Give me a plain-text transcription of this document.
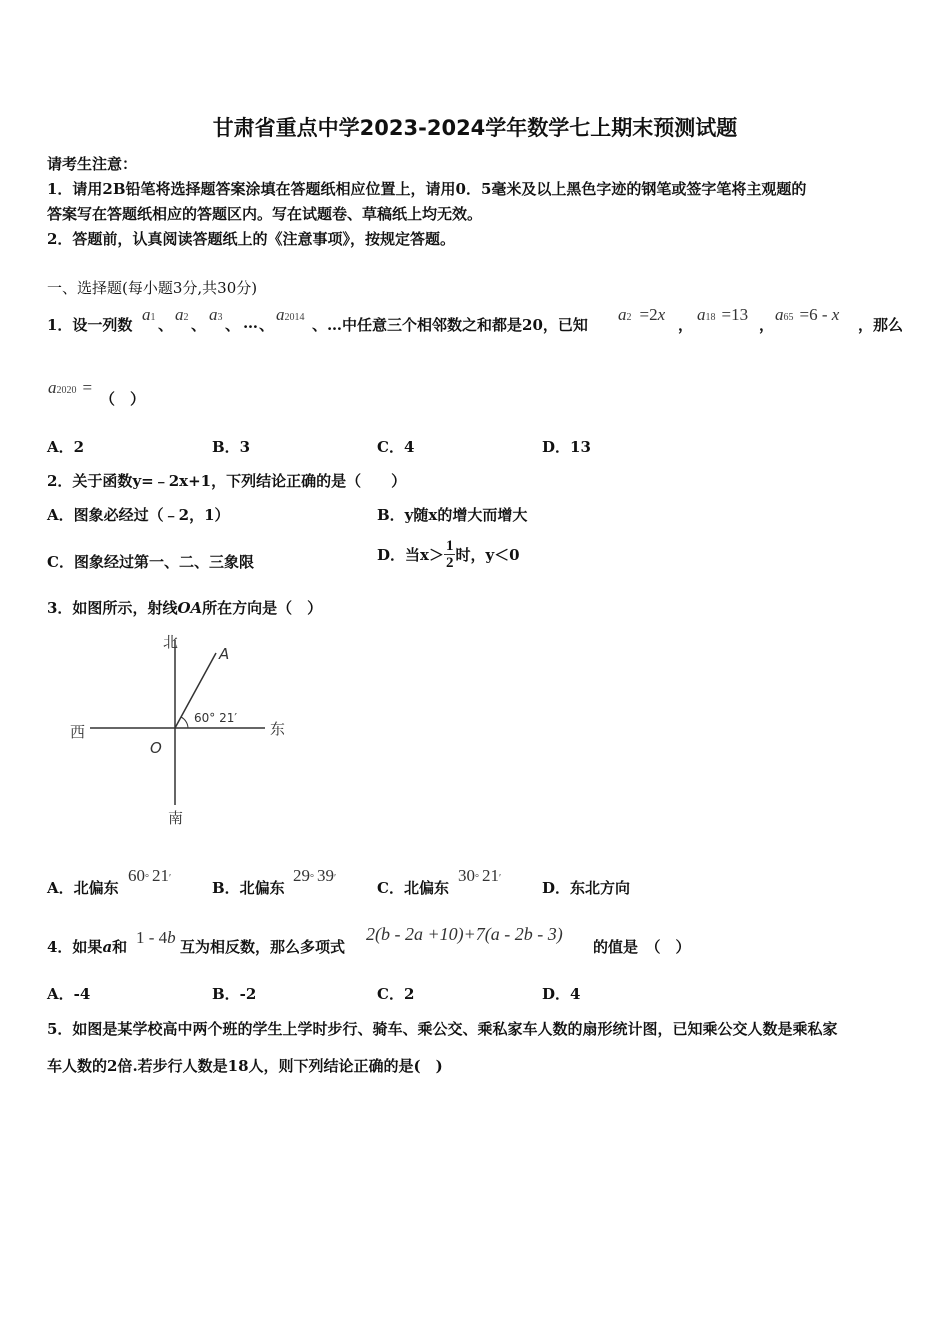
甘肃省重点中学2023-2024学年数学七上期末预测试题
请考生注意：
1．请用2B铅笔将选择题答案涂填在答题纸相应位置上，请用0．5毫米及以上黑色字迹的钢笔或签字笔将主观题的
答案写在答题纸相应的答题区内。写在试题卷、草稿纸上均无效。
2．答题前，认真阅读答题纸上的《注意事项》，按规定答题。
一、选择题(每小题3分,共30分)
1．设一列数
a1 、
a2 、
a3 、 … 、
a2014 、…中任意三个相邻数之和都是20，已知
a2 =2x
，
a18 =13
，
a65 =6 - x
，那么
a2020 =
（　）
A．2	B．3	C．4	D．13
2．关于函数y=﹣2x+1，下列结论正确的是（　　）
A．图象必经过（﹣2，1）	B．y随x的增大而增大
C．图象经过第一、二、三象限	D．当$x> \frac{1}{2}$ 时，y＜0
3．如图所示，射线OA所在方向是（　）
北
南
西	东
O
A
60° 21′
A．北偏东
60° 21′
B．北偏东
29° 39′
C．北偏东
30° 21′
D．东北方向
4．如果a和 1 - 4b 互为相反数，那么多项式
2(b - 2a +10)+7(a - 2b - 3)
的值是　（　）
A．-4	B．-2	C．2	D．4
5．如图是某学校高中两个班的学生上学时步行、骑车、乘公交、乘私家车人数的扇形统计图，已知乘公交人数是乘私家
车人数的2倍.若步行人数是18人，则下列结论正确的是(　)
